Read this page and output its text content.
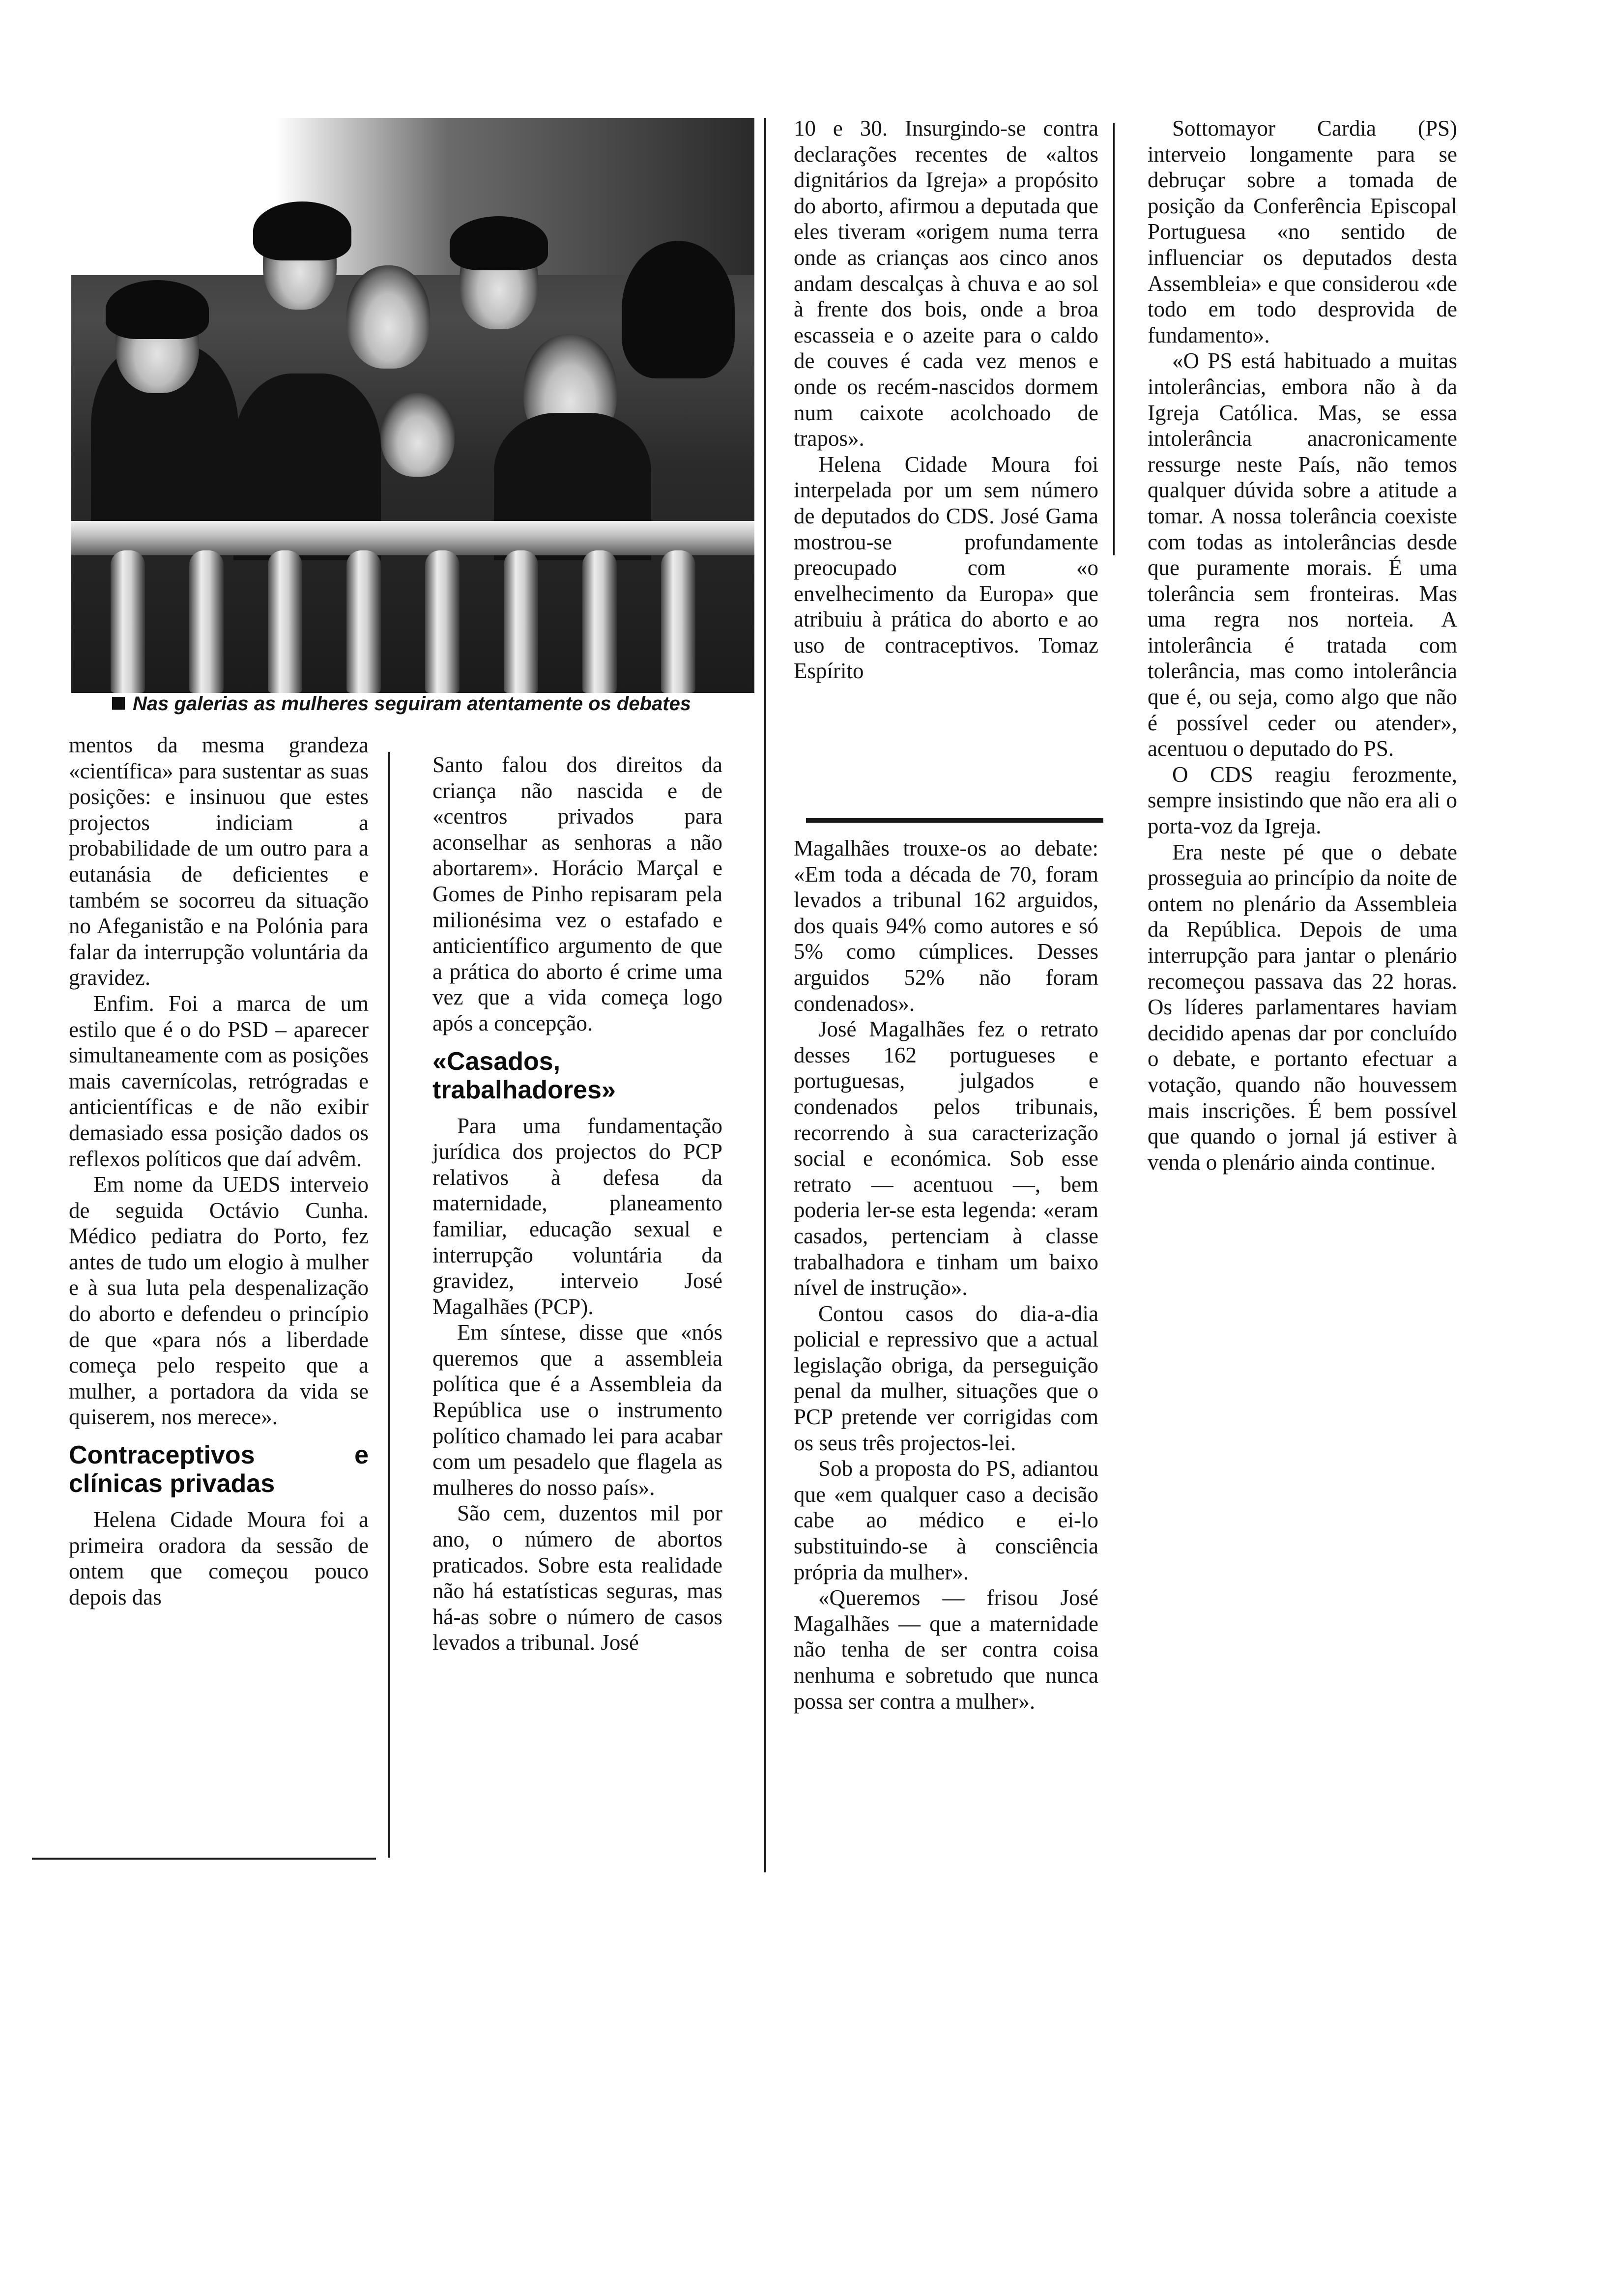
Nas galerias as mulheres seguiram atentamente os debates

mentos da mesma grandeza «científica» para sustentar as suas posições: e insinuou que estes projectos indiciam a probabilidade de um outro para a eutanásia de deficientes e também se socorreu da situação no Afeganistão e na Polónia para falar da interrupção voluntária da gravidez.

Enfim. Foi a marca de um estilo que é o do PSD – aparecer simultaneamente com as posições mais cavernícolas, retrógradas e anticientíficas e de não exibir demasiado essa posição dados os reflexos políticos que daí advêm.

Em nome da UEDS interveio de seguida Octávio Cunha. Médico pediatra do Porto, fez antes de tudo um elogio à mulher e à sua luta pela despenalização do aborto e defendeu o princípio de que «para nós a liberdade começa pelo respeito que a mulher, a portadora da vida se quiserem, nos merece».

Contraceptivos e clínicas privadas

Helena Cidade Moura foi a primeira oradora da sessão de ontem que começou pouco depois das

Santo falou dos direitos da criança não nascida e de «centros privados para aconselhar as senhoras a não abortarem». Horácio Marçal e Gomes de Pinho repisaram pela milionésima vez o estafado e anticientífico argumento de que a prática do aborto é crime uma vez que a vida começa logo após a concepção.

«Casados, trabalhadores»

Para uma fundamentação jurídica dos projectos do PCP relativos à defesa da maternidade, planeamento familiar, educação sexual e interrupção voluntária da gravidez, interveio José Magalhães (PCP).

Em síntese, disse que «nós queremos que a assembleia política que é a Assembleia da República use o instrumento político chamado lei para acabar com um pesadelo que flagela as mulheres do nosso país».

São cem, duzentos mil por ano, o número de abortos praticados. Sobre esta realidade não há estatísticas seguras, mas há-as sobre o número de casos levados a tribunal. José

10 e 30. Insurgindo-se contra declarações recentes de «altos dignitários da Igreja» a propósito do aborto, afirmou a deputada que eles tiveram «origem numa terra onde as crianças aos cinco anos andam descalças à chuva e ao sol à frente dos bois, onde a broa escasseia e o azeite para o caldo de couves é cada vez menos e onde os recém-nascidos dormem num caixote acolchoado de trapos».

Helena Cidade Moura foi interpelada por um sem número de deputados do CDS. José Gama mostrou-se profundamente preocupado com «o envelhecimento da Europa» que atribuiu à prática do aborto e ao uso de contraceptivos. Tomaz Espírito

Magalhães trouxe-os ao debate: «Em toda a década de 70, foram levados a tribunal 162 arguidos, dos quais 94% como autores e só 5% como cúmplices. Desses arguidos 52% não foram condenados».

José Magalhães fez o retrato desses 162 portugueses e portuguesas, julgados e condenados pelos tribunais, recorrendo à sua caracterização social e económica. Sob esse retrato — acentuou —, bem poderia ler-se esta legenda: «eram casados, pertenciam à classe trabalhadora e tinham um baixo nível de instrução».

Contou casos do dia-a-dia policial e repressivo que a actual legislação obriga, da perseguição penal da mulher, situações que o PCP pretende ver corrigidas com os seus três projectos-lei.

Sob a proposta do PS, adiantou que «em qualquer caso a decisão cabe ao médico e ei-lo substituindo-se à consciência própria da mulher».

«Queremos — frisou José Magalhães — que a maternidade não tenha de ser contra coisa nenhuma e sobretudo que nunca possa ser contra a mulher».

Sottomayor Cardia (PS) interveio longamente para se debruçar sobre a tomada de posição da Conferência Episcopal Portuguesa «no sentido de influenciar os deputados desta Assembleia» e que considerou «de todo em todo desprovida de fundamento».

«O PS está habituado a muitas intolerâncias, embora não à da Igreja Católica. Mas, se essa intolerância anacronicamente ressurge neste País, não temos qualquer dúvida sobre a atitude a tomar. A nossa tolerância coexiste com todas as intolerâncias desde que puramente morais. É uma tolerância sem fronteiras. Mas uma regra nos norteia. A intolerância é tratada com tolerância, mas como intolerância que é, ou seja, como algo que não é possível ceder ou atender», acentuou o deputado do PS.

O CDS reagiu ferozmente, sempre insistindo que não era ali o porta-voz da Igreja.

Era neste pé que o debate prosseguia ao princípio da noite de ontem no plenário da Assembleia da República. Depois de uma interrupção para jantar o plenário recomeçou passava das 22 horas. Os líderes parlamentares haviam decidido apenas dar por concluído o debate, e portanto efectuar a votação, quando não houvessem mais inscrições. É bem possível que quando o jornal já estiver à venda o plenário ainda continue.
